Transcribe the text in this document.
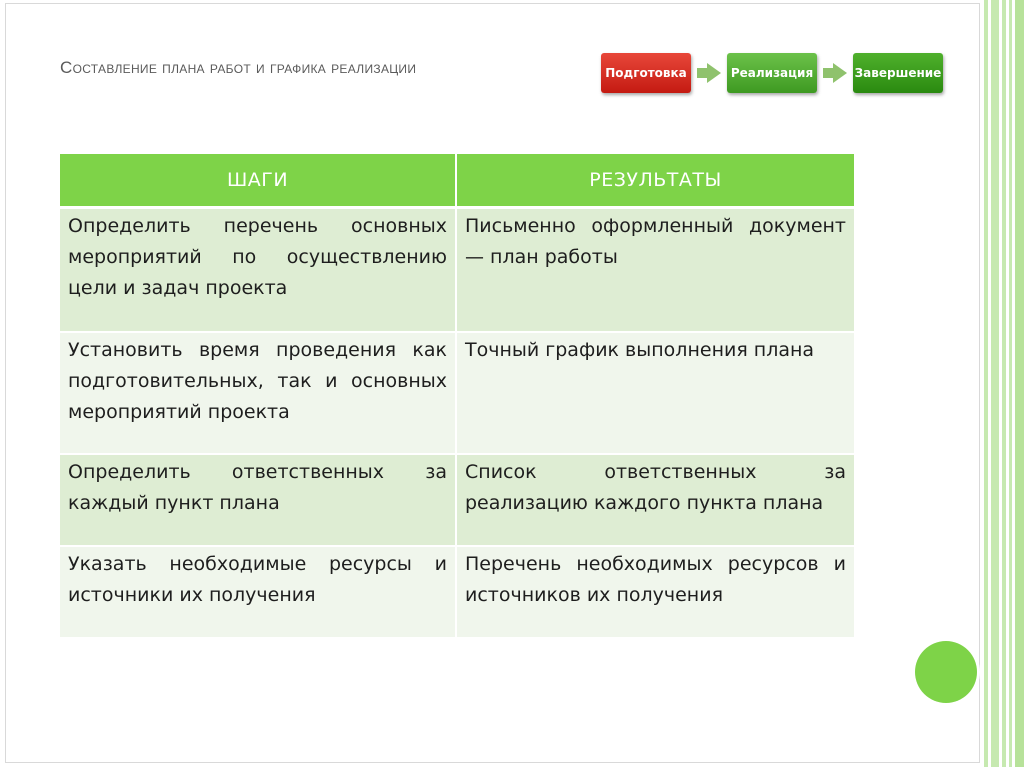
Составление плана работ и графика реализации	Подготовка	Реализация	Завершение
ШАГИ	РЕЗУЛЬТАТЫ
Определить перечень основных мероприятий по осуществлению цели и задач проекта	Письменно оформленный документ — план работы
Установить время проведения как подготовительных, так и основных мероприятий проекта	Точный график выполнения плана
Определить ответственных за каждый пункт плана	Список ответственных за реализацию каждого пункта плана
Указать необходимые ресурсы и источники их получения	Перечень необходимых ресурсов и источников их получения
